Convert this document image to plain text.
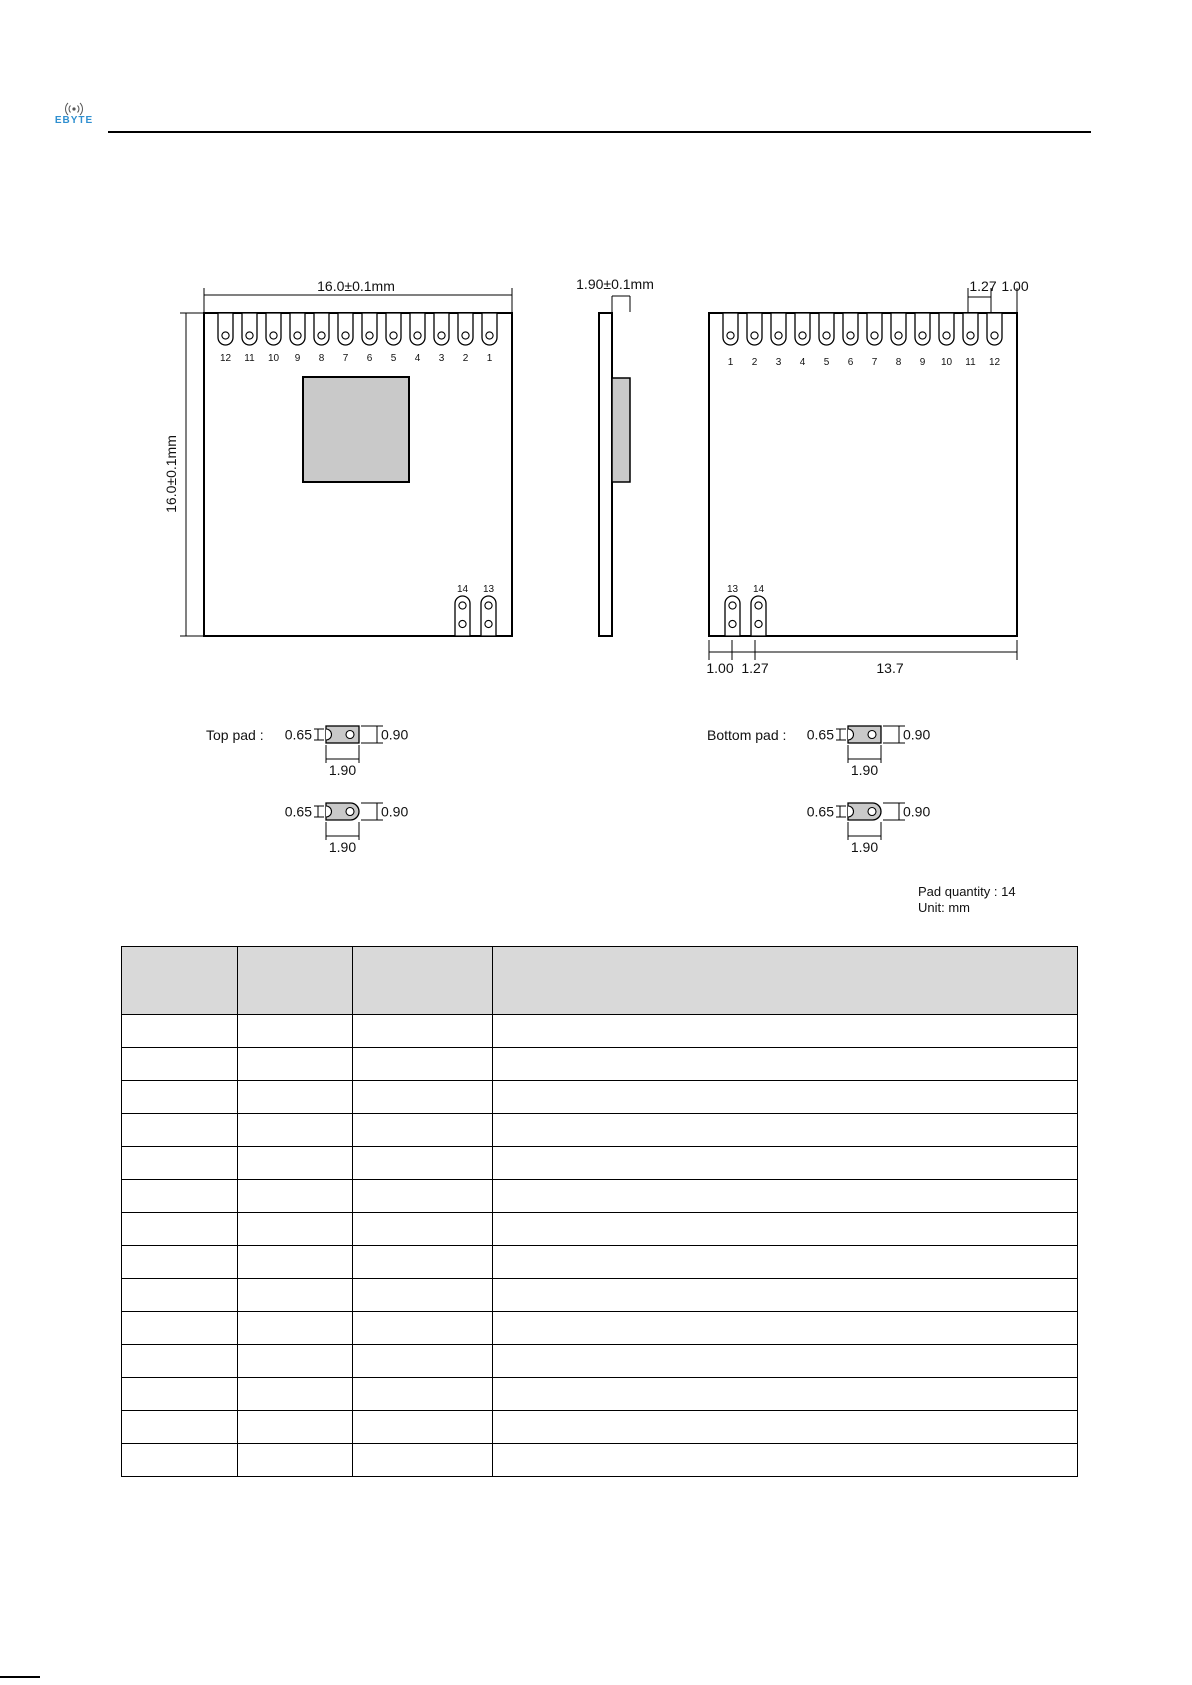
EBYTE
16.0±0.1mm
16.0±0.1mm
1.90±0.1mm	1.27 1.00
1.00 1.27	13.7
12 11 10 9 8 7 6 5 4 3 2 1
14 13
1 2 3 4 5 6 7 8 9 10 11 12
13 14
0.65	0.90
1.90
0.65	0.90
1.90
0.65	0.90
1.90
0.65	0.90
1.90
Top pad :	Bottom pad :
Pad quantity : 14
Unit: mm
